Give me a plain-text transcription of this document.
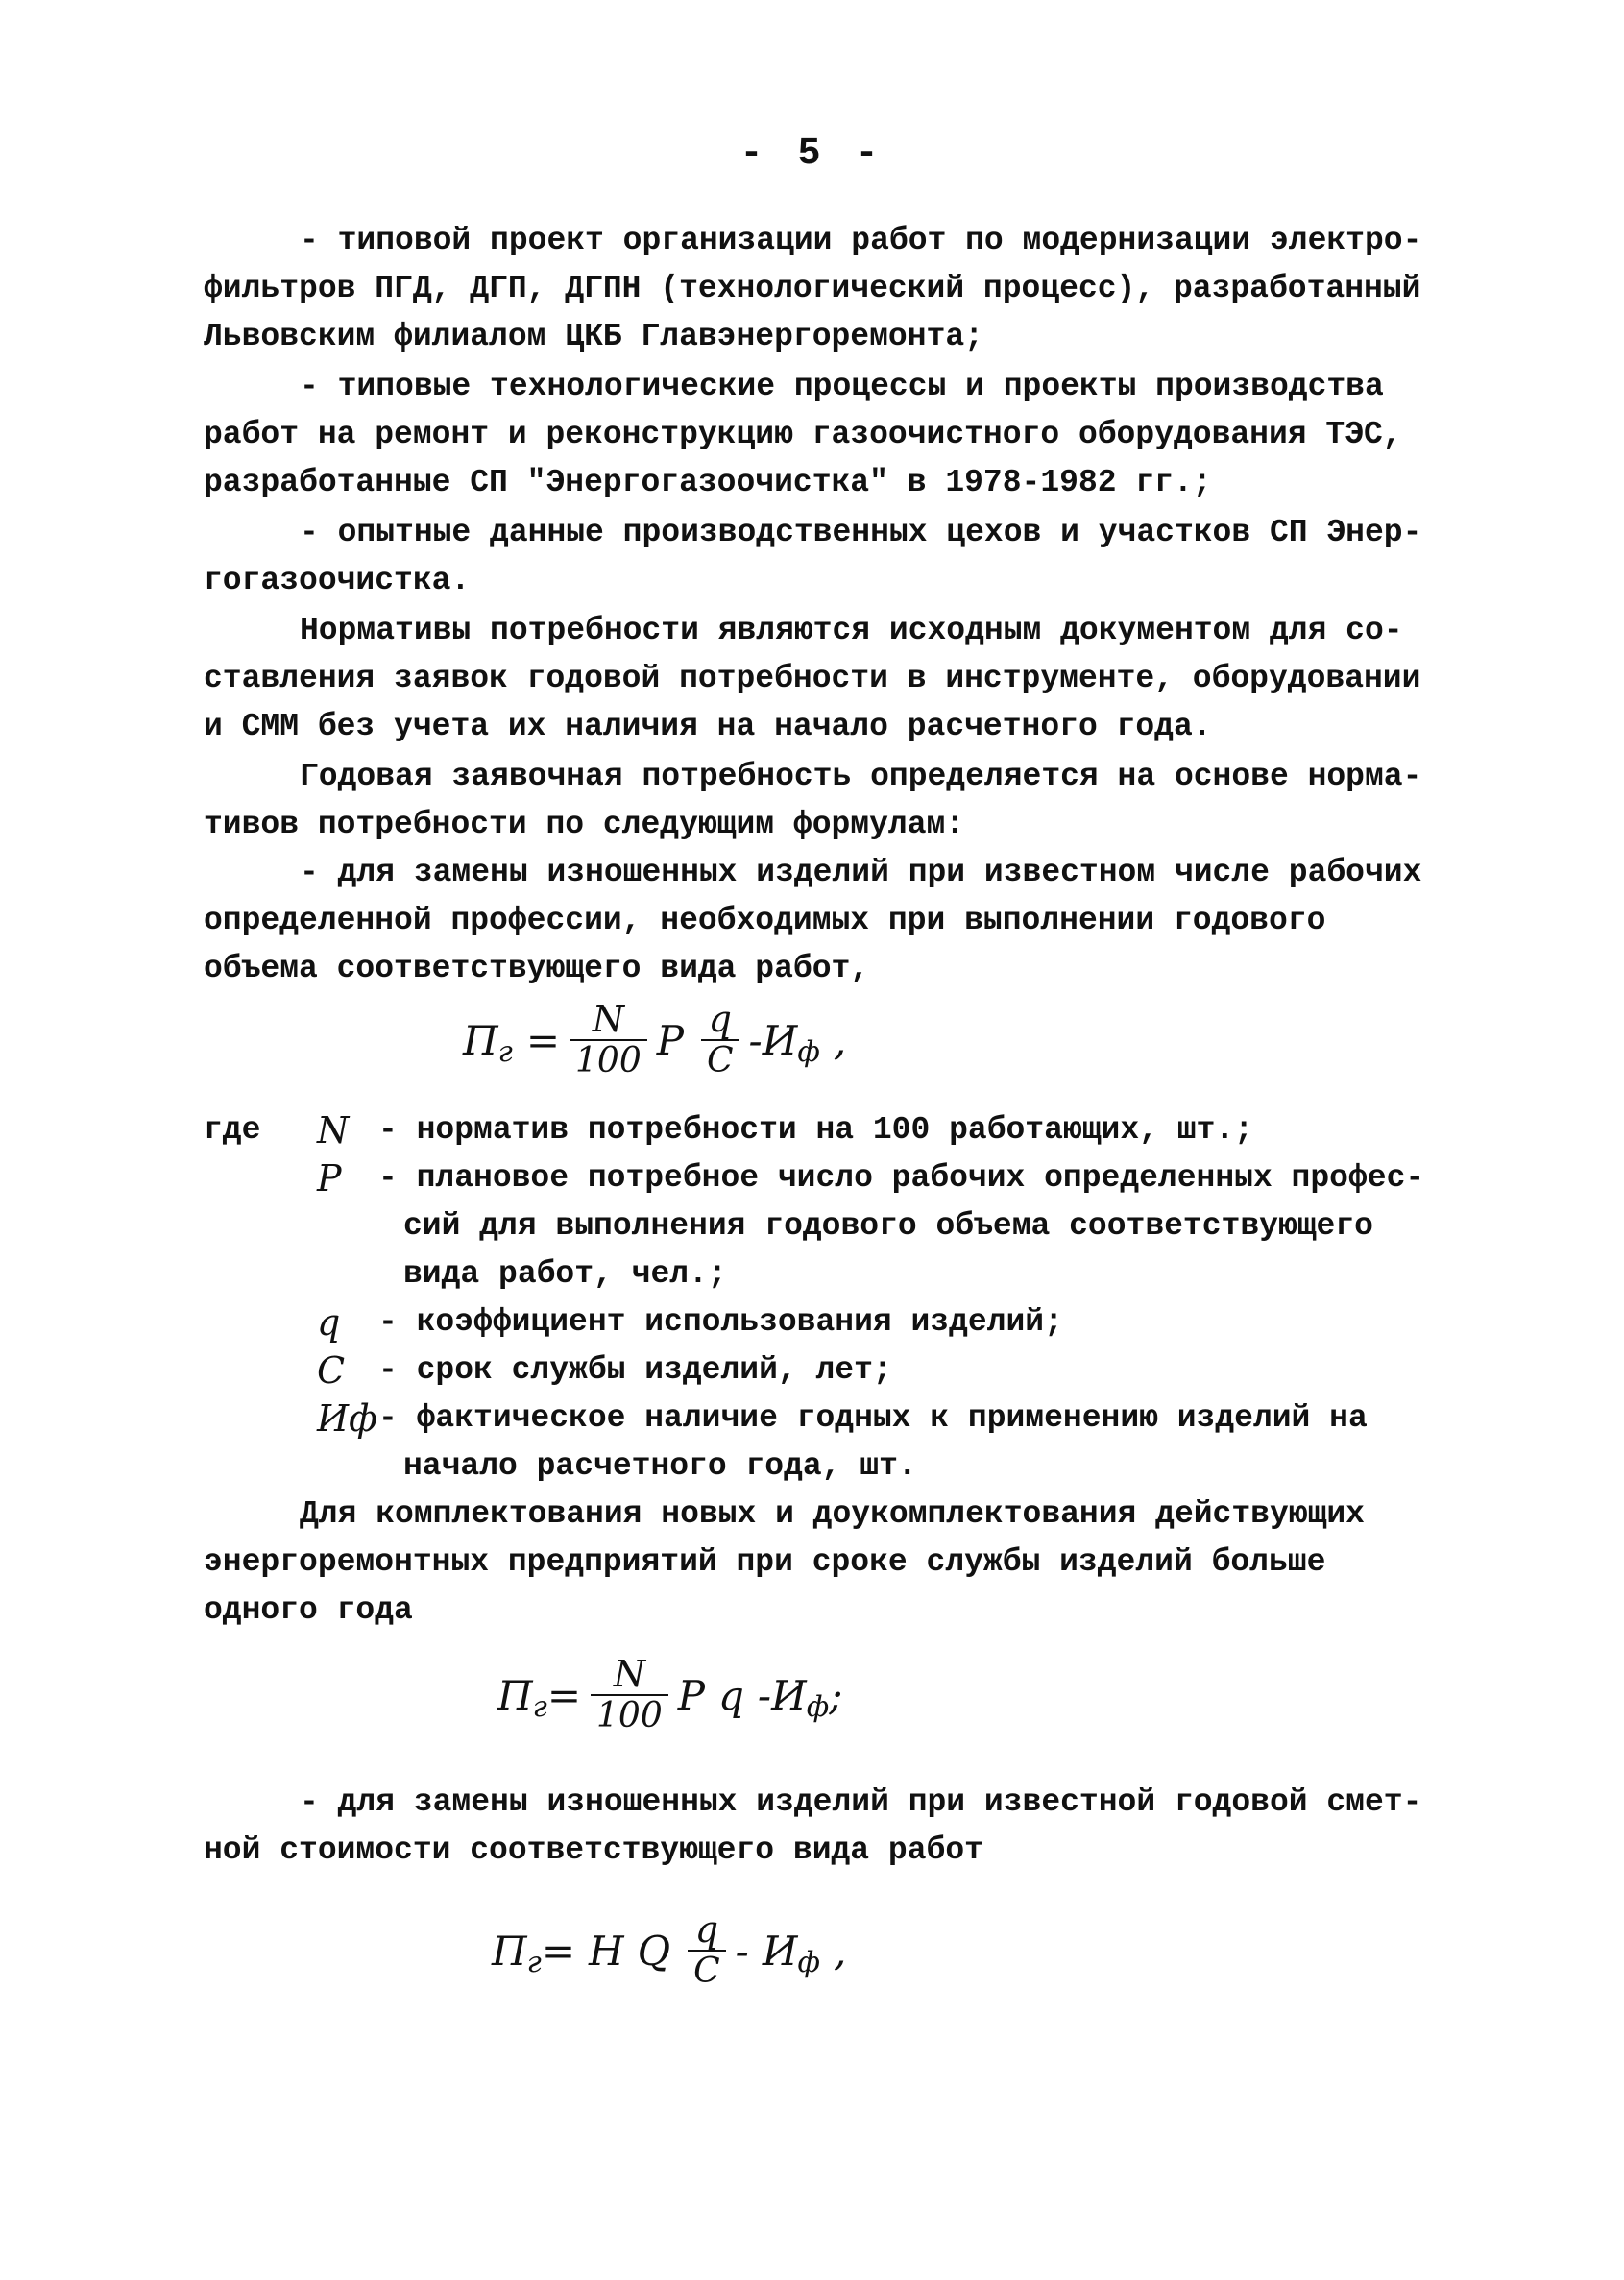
- 5 -

- типовой проект организации работ по модернизации электро-
фильтров ПГД, ДГП, ДГПН (технологический процесс), разработанный
Львовским филиалом ЦКБ Главэнергоремонта;

- типовые технологические процессы и проекты производства
работ на ремонт и реконструкцию газоочистного оборудования ТЭС,
разработанные СП "Энергогазоочистка" в 1978-1982 гг.;

- опытные данные производственных цехов и участков СП Энер-
гогазоочистка.

Нормативы потребности являются исходным документом для со-
ставления заявок годовой потребности в инструменте, оборудовании
и СММ без учета их наличия на начало расчетного года.

Годовая заявочная потребность определяется на основе норма-
тивов потребности по следующим формулам:

- для замены изношенных изделий при известном числе рабочих
определенной профессии, необходимых при выполнении годового
объема соответствующего вида работ,

П $г = \frac{N}{100}$ P $\frac{q}{C}$ - И ф ,
где	N - норматив потребности на 100 работающих, шт.;
P	- плановое потребное число рабочих определенных профес-
сий для выполнения годового объема соответствующего
вида работ, чел.;
q	- коэффициент использования изделий;
C	- срок службы изделий, лет;
Иф - фактическое наличие годных к применению изделий на
начало расчетного года, шт.

Для комплектования новых и доукомплектования действующих
энергоремонтных предприятий при сроке службы изделий больше
одного года

П $г = \frac{N}{100}$ P q - И ф ;

- для замены изношенных изделий при известной годовой смет-
ной стоимости соответствующего вида работ

П г = H Q $\frac{q}{C}$ - И ф ,
